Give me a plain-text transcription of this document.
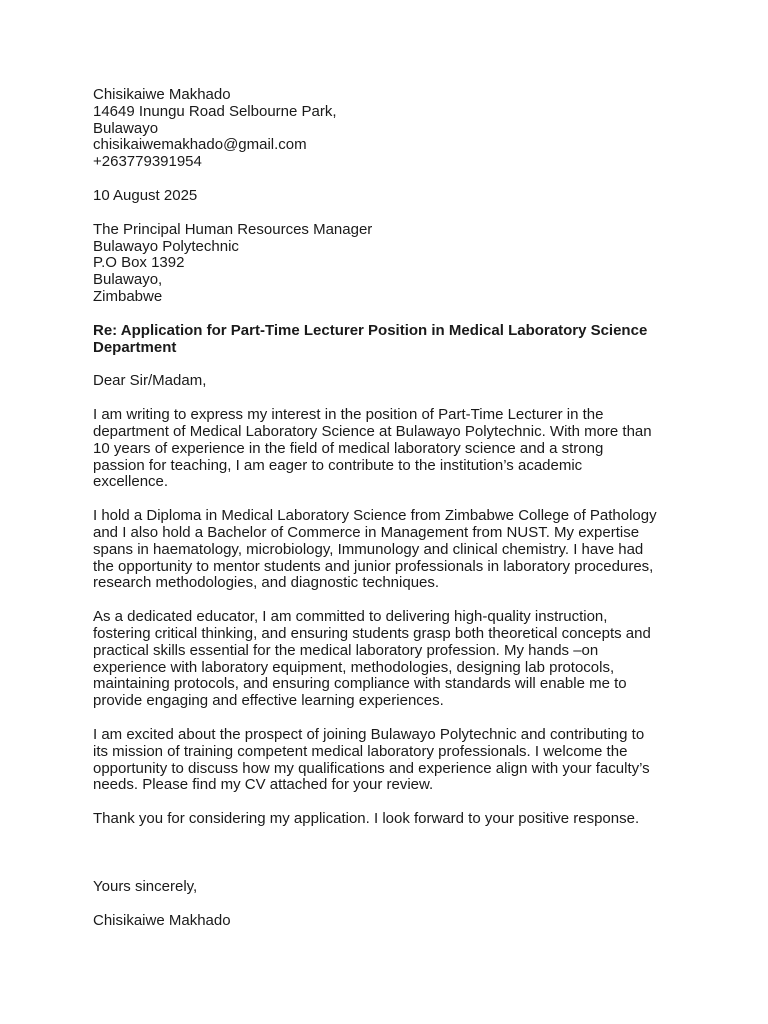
Chisikaiwe Makhado
14649 Inungu Road Selbourne Park,
Bulawayo
chisikaiwemakhado@gmail.com
+263779391954
10 August 2025
The Principal Human Resources Manager
Bulawayo Polytechnic
P.O Box 1392
Bulawayo,
Zimbabwe
Re: Application for Part-Time Lecturer Position in Medical Laboratory Science
Department
Dear Sir/Madam,
I am writing to express my interest in the position of Part-Time Lecturer in the
department of Medical Laboratory Science at Bulawayo Polytechnic. With more than
10 years of experience in the field of medical laboratory science and a strong
passion for teaching, I am eager to contribute to the institution’s academic
excellence.
I hold a Diploma in Medical Laboratory Science from Zimbabwe College of Pathology
and I also hold a Bachelor of Commerce in Management from NUST. My expertise
spans in haematology, microbiology, Immunology and clinical chemistry. I have had
the opportunity to mentor students and junior professionals in laboratory procedures,
research methodologies, and diagnostic techniques.
As a dedicated educator, I am committed to delivering high-quality instruction,
fostering critical thinking, and ensuring students grasp both theoretical concepts and
practical skills essential for the medical laboratory profession. My hands –on
experience with laboratory equipment, methodologies, designing lab protocols,
maintaining protocols, and ensuring compliance with standards will enable me to
provide engaging and effective learning experiences.
I am excited about the prospect of joining Bulawayo Polytechnic and contributing to
its mission of training competent medical laboratory professionals. I welcome the
opportunity to discuss how my qualifications and experience align with your faculty’s
needs. Please find my CV attached for your review.
Thank you for considering my application. I look forward to your positive response.
Yours sincerely,
Chisikaiwe Makhado
